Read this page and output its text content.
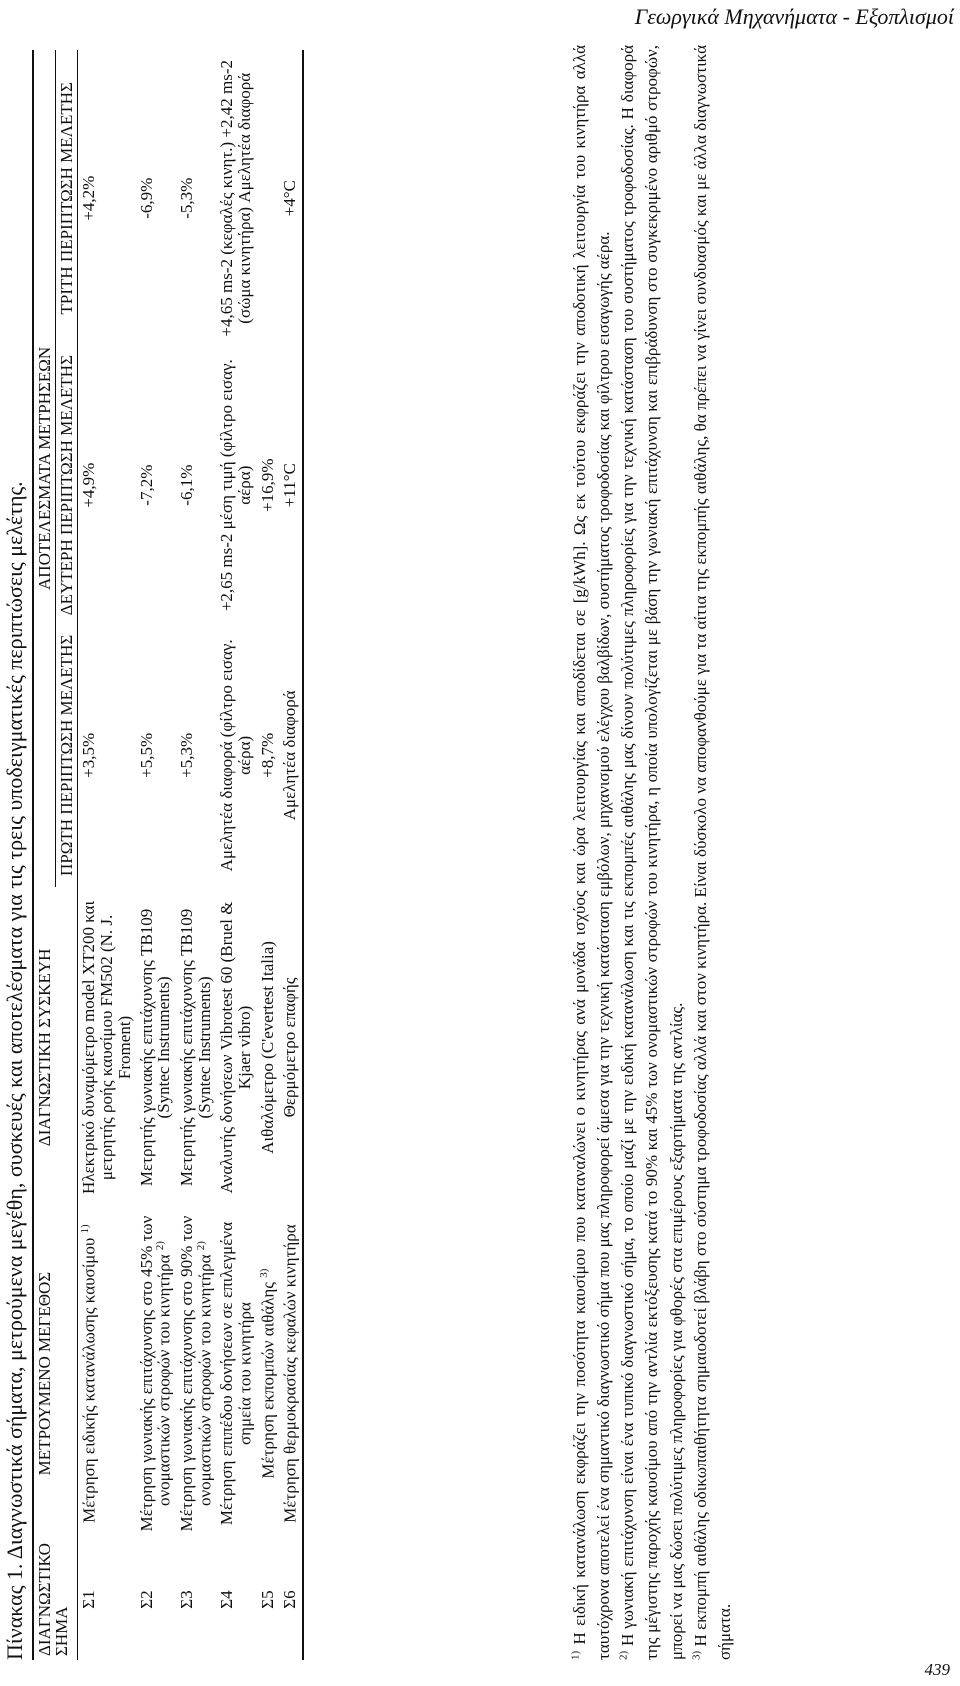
Γεωργικά Μηχανήματα - Εξοπλισμοί
Πίνακας 1. Διαγνωστικά σήματα, μετρούμενα μεγέθη, συσκευές και αποτελέσματα για τις τρεις υποδειγματικές περιπτώσεις μελέτης. ΔΙΑΓΝΩΣΤΙΚΟ ΣΗΜΑ	ΜΕΤΡΟΥΜΕΝΟ ΜΕΓΕΘΟΣ	ΔΙΑΓΝΩΣΤΙΚΗ ΣΥΣΚΕΥΗ	ΑΠΟΤΕΛΕΣΜΑΤΑ ΜΕΤΡΗΣΕΩΝ		
			ΠΡΩΤΗ ΠΕΡΙΠΤΩΣΗ ΜΕΛΕΤΗΣ	ΔΕΥΤΕΡΗ ΠΕΡΙΠΤΩΣΗ ΜΕΛΕΤΗΣ	ΤΡΙΤΗ ΠΕΡΙΠΤΩΣΗ ΜΕΛΕΤΗΣ
Σ1	Μέτρηση ειδικής κατανάλωσης καυσίμου $^{1)}$	Ηλεκτρικό δυναμόμετρο model XT200 και μετρητής ροής καυσίμου FM502 (N. J. Froment)	+3,5%	+4,9%	+4,2%
Σ2	Μέτρηση γωνιακής επιτάχυνσης στο 45% των ονομαστικών στροφών του κινητήρα $^{2)}$	Μετρητής γωνιακής επιτάχυνσης TB109 (Syntec Instruments)	+5,5%	-7,2%	-6,9%
Σ3	Μέτρηση γωνιακής επιτάχυνσης στο 90% των ονομαστικών στροφών του κινητήρα $^{2)}$	Μετρητής γωνιακής επιτάχυνσης TB109 (Syntec Instruments)	+5,3%	-6,1%	-5,3%
Σ4	Μέτρηση επιπέδου δονήσεων σε επιλεγμένα σημεία του κινητήρα	Αναλυτής δονήσεων Vibrotest 60 (Bruel & Kjaer vibro)	Αμελητέα διαφορά (φίλτρο εισαγ. αέρα)	+2,65 ms-2 μέση τιμή (φίλτρο εισαγ. αέρα)	+4,65 ms-2 (κεφαλές κινητ.) +2,42 ms-2 (σώμα κινητήρα) Αμελητέα διαφορά
Σ5	Μέτρηση εκπομπών αιθάλης $^{3)}$	Αιθαλόμετρο (C'evertest Italia)	+8,7%	+16,9%	
Σ6	Μέτρηση θερμοκρασίας κεφαλών κινητήρα	Θερμόμετρο επαφής	Αμελητέα διαφορά	+11°C	+4°C

$^{1)}$ Η ειδική κατανάλωση εκφράζει την ποσότητα καυσίμου που καταναλώνει ο κινητήρας ανά μονάδα ισχύος και ώρα λειτουργίας και αποδίδεται σε [g/kWh]. Ως εκ τούτου εκφράζει την αποδοτική λειτουργία του κινητήρα αλλά ταυτόχρονα αποτελεί ένα σημαντικό διαγνωστικό σήμα που μας πληροφορεί άμεσα για την τεχνική κατάσταση εμβόλων, μηχανισμού ελέγχου βαλβίδων, συστήματος τροφοδοσίας και φίλτρου εισαγωγής αέρα. $^{2)}$ Η γωνιακή επιτάχυνση είναι ένα τυπικό διαγνωστικό σήμα, το οποίο μαζί με την ειδική κατανάλωση και τις εκπομπές αιθάλης μας δίνουν πολύτιμες πληροφορίες για την τεχνική κατάσταση του συστήματος τροφοδοσίας. Η διαφορά της μέγιστης παροχής καυσίμου από την αντλία εκτόξευσης κατά το 90% και 45% των ονομαστικών στροφών του κινητήρα, η οποία υπολογίζεται με βάση την γωνιακή επιτάχυνση και επιβράδυνση στο συγκεκριμένο αριθμό στροφών, μπορεί να μας δώσει πολύτιμες πληροφορίες για φθορές στα επιμέρους εξαρτήματα της αντλίας. $^{3)}$ Η εκπομπή αιθάλης οδικωπαιθήτητα σημαιοδοτεί βλάβη στο σύστημα τροφοδοσίας αλλά και στον κινητήρα. Είναι δύσκολο να αποφανθούμε για τα αίτια της εκπομπής αιθάλης, θα πρέπει να γίνει συνδυασμός και με άλλα διαγνωστικά σήματα.

439
